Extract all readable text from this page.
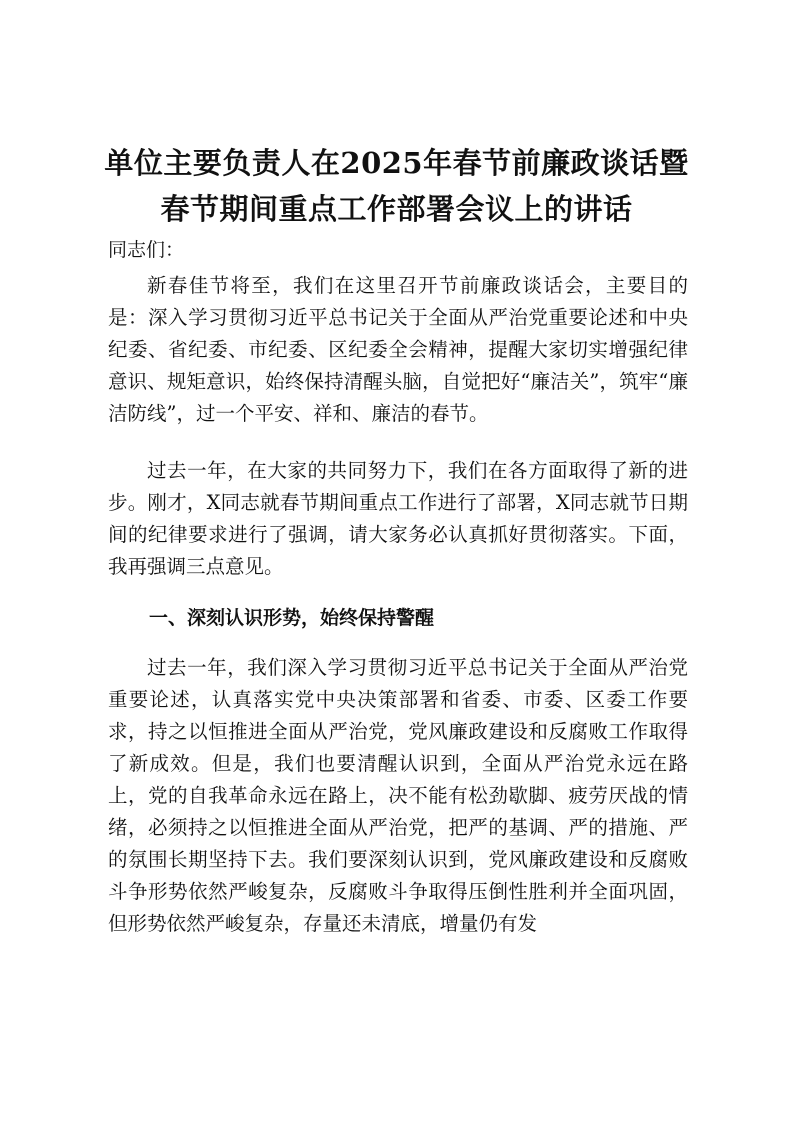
单位主要负责人在2025年春节前廉政谈话暨
春节期间重点工作部署会议上的讲话
同志们：

新春佳节将至，我们在这里召开节前廉政谈话会，主要目的是：深入学习贯彻习近平总书记关于全面从严治党重要论述和中央纪委、省纪委、市纪委、区纪委全会精神，提醒大家切实增强纪律意识、规矩意识，始终保持清醒头脑，自觉把好“廉洁关”，筑牢“廉洁防线”，过一个平安、祥和、廉洁的春节。

过去一年，在大家的共同努力下，我们在各方面取得了新的进步。刚才，X同志就春节期间重点工作进行了部署，X同志就节日期间的纪律要求进行了强调，请大家务必认真抓好贯彻落实。下面，我再强调三点意见。

一、深刻认识形势，始终保持警醒

过去一年，我们深入学习贯彻习近平总书记关于全面从严治党重要论述，认真落实党中央决策部署和省委、市委、区委工作要求，持之以恒推进全面从严治党，党风廉政建设和反腐败工作取得了新成效。但是，我们也要清醒认识到，全面从严治党永远在路上，党的自我革命永远在路上，决不能有松劲歇脚、疲劳厌战的情绪，必须持之以恒推进全面从严治党，把严的基调、严的措施、严的氛围长期坚持下去。我们要深刻认识到，党风廉政建设和反腐败斗争形势依然严峻复杂，反腐败斗争取得压倒性胜利并全面巩固，但形势依然严峻复杂，存量还未清底，增量仍有发
